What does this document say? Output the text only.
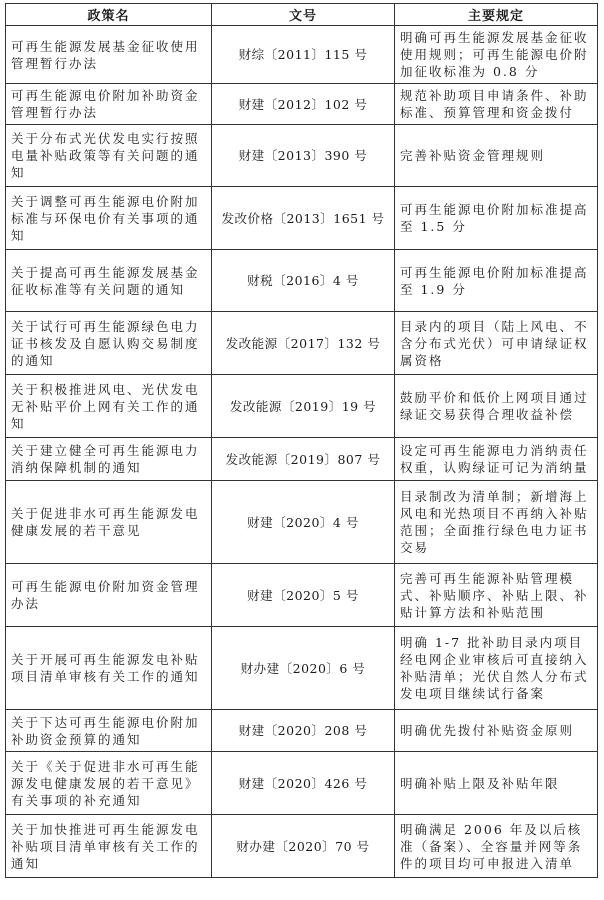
政策名	文号	主要规定
可再生能源发展基金征收使用管理暂行办法	财综〔2011〕115 号	明确可再生能源发展基金征收使用规则；可再生能源电价附加征收标准为 0.8 分
可再生能源电价附加补助资金管理暂行办法	财建〔2012〕102 号	规范补助项目申请条件、补助标准、预算管理和资金拨付
关于分布式光伏发电实行按照电量补贴政策等有关问题的通知	财建〔2013〕390 号	完善补贴资金管理规则
关于调整可再生能源电价附加标准与环保电价有关事项的通知	发改价格〔2013〕1651 号	可再生能源电价附加标准提高至 1.5 分
关于提高可再生能源发展基金征收标准等有关问题的通知	财税〔2016〕4 号	可再生能源电价附加标准提高至 1.9 分
关于试行可再生能源绿色电力证书核发及自愿认购交易制度的通知	发改能源〔2017〕132 号	目录内的项目（陆上风电、不含分布式光伏）可申请绿证权属资格
关于积极推进风电、光伏发电无补贴平价上网有关工作的通知	发改能源〔2019〕19 号	鼓励平价和低价上网项目通过绿证交易获得合理收益补偿
关于建立健全可再生能源电力消纳保障机制的通知	发改能源〔2019〕807 号	设定可再生能源电力消纳责任权重，认购绿证可记为消纳量
关于促进非水可再生能源发电健康发展的若干意见	财建〔2020〕4 号	目录制改为清单制；新增海上风电和光热项目不再纳入补贴范围；全面推行绿色电力证书交易
可再生能源电价附加资金管理办法	财建〔2020〕5 号	完善可再生能源补贴管理模式、补贴顺序、补贴上限、补贴计算方法和补贴范围
关于开展可再生能源发电补贴项目清单审核有关工作的通知	财办建〔2020〕6 号	明确 1-7 批补助目录内项目经电网企业审核后可直接纳入补贴清单；光伏自然人分布式发电项目继续试行备案
关于下达可再生能源电价附加补助资金预算的通知	财建〔2020〕208 号	明确优先拨付补贴资金原则
关于《关于促进非水可再生能源发电健康发展的若干意见》有关事项的补充通知	财建〔2020〕426 号	明确补贴上限及补贴年限
关于加快推进可再生能源发电补贴项目清单审核有关工作的通知	财办建〔2020〕70 号	明确满足 2006 年及以后核准（备案）、全容量并网等条件的项目均可申报进入清单
